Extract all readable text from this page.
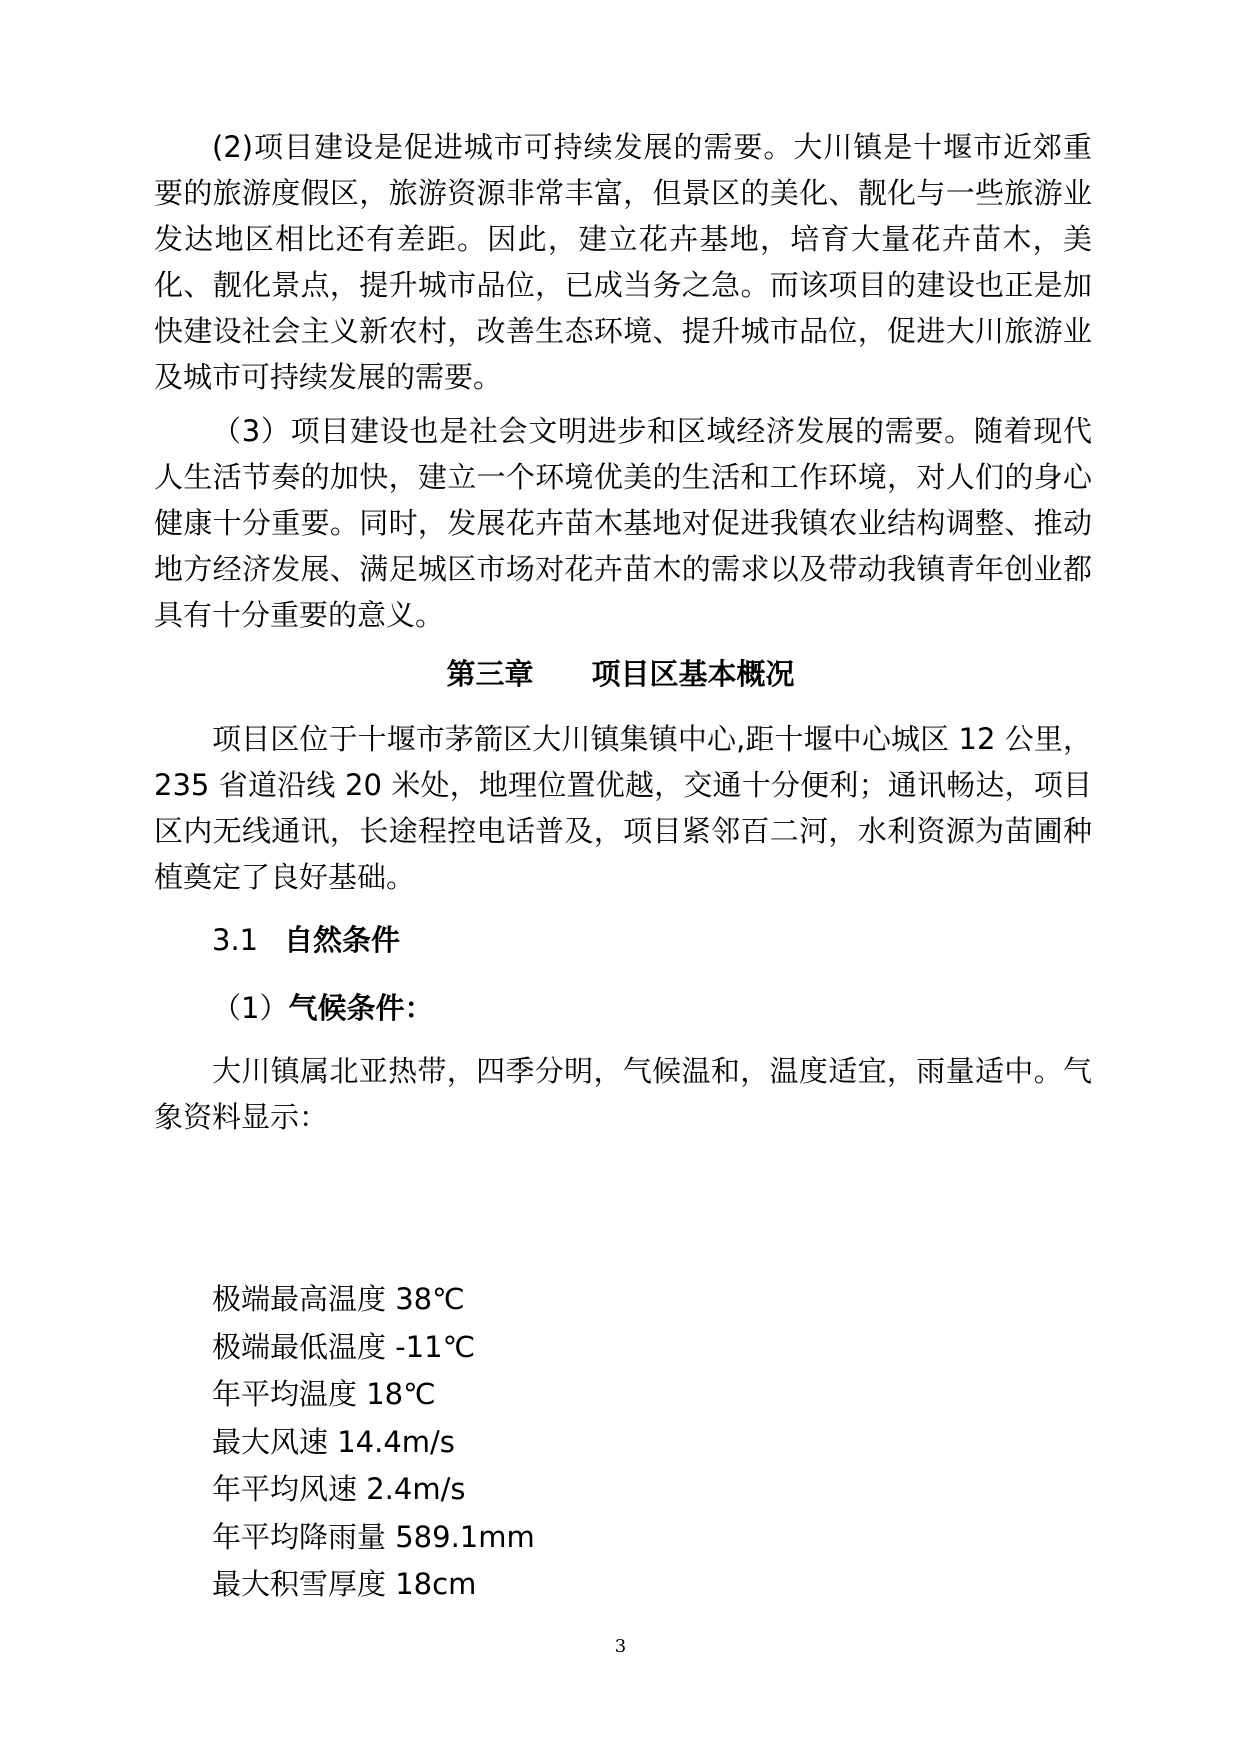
(2)项目建设是促进城市可持续发展的需要。大川镇是十堰市近郊重要的旅游度假区，旅游资源非常丰富，但景区的美化、靓化与一些旅游业发达地区相比还有差距。因此，建立花卉基地，培育大量花卉苗木，美化、靓化景点，提升城市品位，已成当务之急。而该项目的建设也正是加快建设社会主义新农村，改善生态环境、提升城市品位，促进大川旅游业及城市可持续发展的需要。

（3）项目建设也是社会文明进步和区域经济发展的需要。随着现代人生活节奏的加快，建立一个环境优美的生活和工作环境，对人们的身心健康十分重要。同时，发展花卉苗木基地对促进我镇农业结构调整、推动地方经济发展、满足城区市场对花卉苗木的需求以及带动我镇青年创业都具有十分重要的意义。

第三章 项目区基本概况

项目区位于十堰市茅箭区大川镇集镇中心,距十堰中心城区 12 公里，235 省道沿线 20 米处，地理位置优越，交通十分便利；通讯畅达，项目区内无线通讯，长途程控电话普及，项目紧邻百二河，水利资源为苗圃种植奠定了良好基础。

3.1 自然条件

（1）气候条件：

大川镇属北亚热带，四季分明，气候温和，温度适宜，雨量适中。气象资料显示：

极端最高温度 38℃
极端最低温度 -11℃
年平均温度 18℃
最大风速 14.4m/s
年平均风速 2.4m/s
年平均降雨量 589.1mm
最大积雪厚度 18cm
3
